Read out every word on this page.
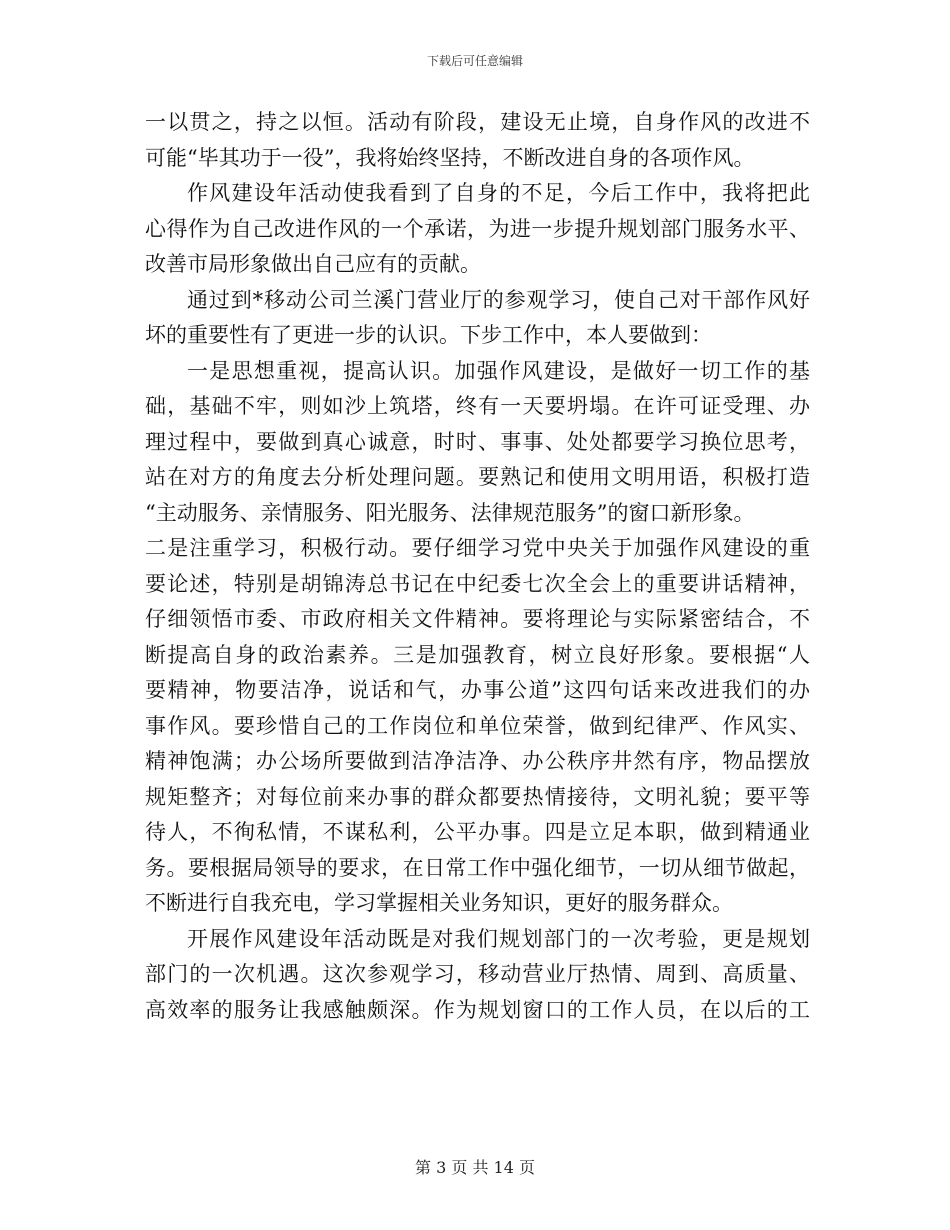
下载后可任意编辑
一以贯之，持之以恒。活动有阶段，建设无止境，自身作风的改进不
可能“毕其功于一役”，我将始终坚持，不断改进自身的各项作风。
作风建设年活动使我看到了自身的不足，今后工作中，我将把此
心得作为自己改进作风的一个承诺，为进一步提升规划部门服务水平、
改善市局形象做出自己应有的贡献。
通过到*移动公司兰溪门营业厅的参观学习，使自己对干部作风好
坏的重要性有了更进一步的认识。下步工作中，本人要做到：
一是思想重视，提高认识。加强作风建设，是做好一切工作的基
础，基础不牢，则如沙上筑塔，终有一天要坍塌。在许可证受理、办
理过程中，要做到真心诚意，时时、事事、处处都要学习换位思考，
站在对方的角度去分析处理问题。要熟记和使用文明用语，积极打造
“主动服务、亲情服务、阳光服务、法律规范服务”的窗口新形象。
二是注重学习，积极行动。要仔细学习党中央关于加强作风建设的重
要论述，特别是胡锦涛总书记在中纪委七次全会上的重要讲话精神，
仔细领悟市委、市政府相关文件精神。要将理论与实际紧密结合，不
断提高自身的政治素养。三是加强教育，树立良好形象。要根据“人
要精神，物要洁净，说话和气，办事公道”这四句话来改进我们的办
事作风。要珍惜自己的工作岗位和单位荣誉，做到纪律严、作风实、
精神饱满；办公场所要做到洁净洁净、办公秩序井然有序，物品摆放
规矩整齐；对每位前来办事的群众都要热情接待，文明礼貌；要平等
待人，不徇私情，不谋私利，公平办事。四是立足本职，做到精通业
务。要根据局领导的要求，在日常工作中强化细节，一切从细节做起，
不断进行自我充电，学习掌握相关业务知识，更好的服务群众。
开展作风建设年活动既是对我们规划部门的一次考验，更是规划
部门的一次机遇。这次参观学习，移动营业厅热情、周到、高质量、
高效率的服务让我感触颇深。作为规划窗口的工作人员，在以后的工
第 3 页 共 14 页
